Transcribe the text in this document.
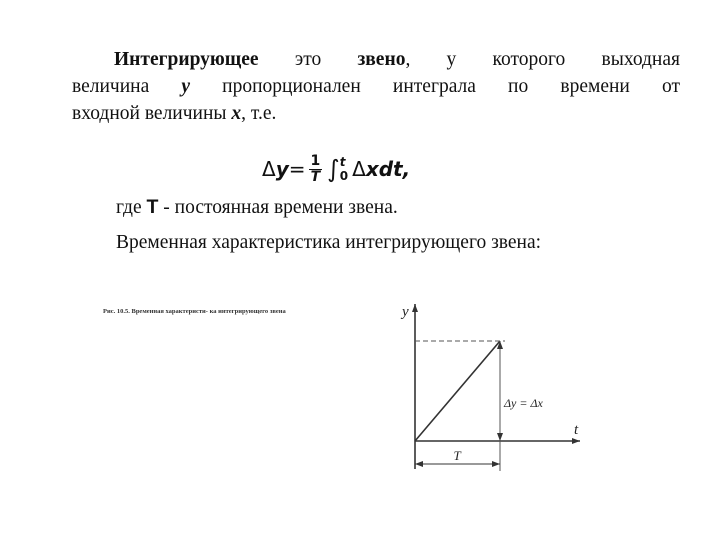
Интегрирующее это звено, у которого выходная
величина y пропорционален интеграла по времени от
входной величины x, т.е.
Δ $y = \frac{1}{T}$ ∫ t
0 Δ xdt ,
где T - постоянная времени звена.
Временная характеристика интегрирующего звена:
Рис. 10.5. Временная характеристи- ка интегрирующего звена	y
t
Δy = Δx
T
